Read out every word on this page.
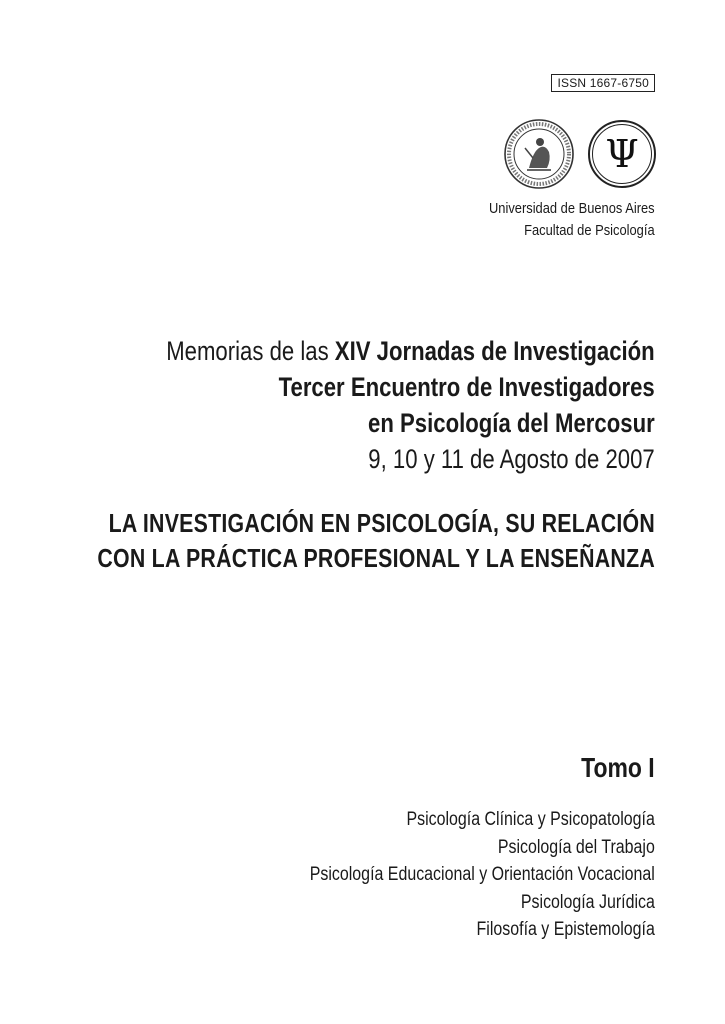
ISSN 1667-6750
Ψ
Universidad de Buenos Aires
Facultad de Psicología
Memorias de las XIV Jornadas de Investigación
Tercer Encuentro de Investigadores
en Psicología del Mercosur
9, 10 y 11 de Agosto de 2007
LA INVESTIGACIÓN EN PSICOLOGÍA, SU RELACIÓN
CON LA PRÁCTICA PROFESIONAL Y LA ENSEÑANZA
Tomo I
Psicología Clínica y Psicopatología
Psicología del Trabajo
Psicología Educacional y Orientación Vocacional
Psicología Jurídica
Filosofía y Epistemología
